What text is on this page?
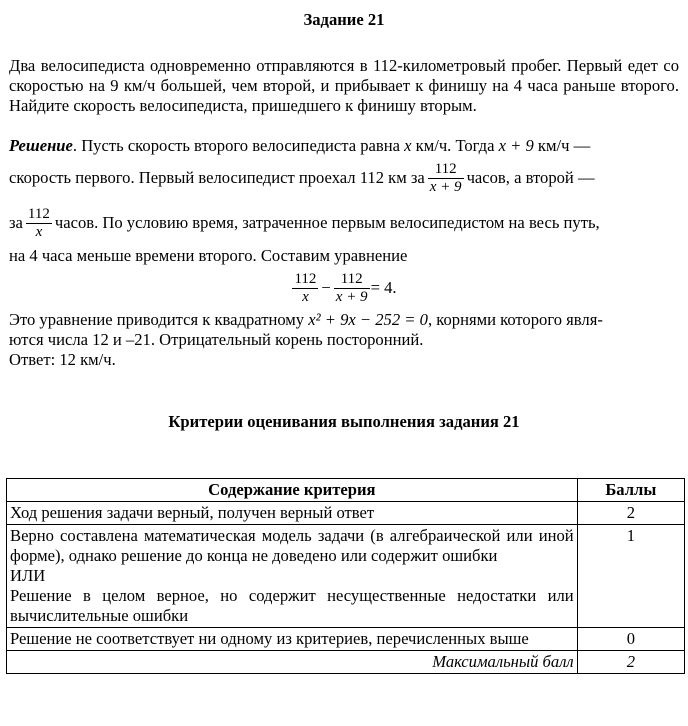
Задание 21
Два велосипедиста одновременно отправляются в 112-километровый пробег. Первый едет со скоростью на 9 км/ч большей, чем второй, и прибывает к финишу на 4 часа раньше второго. Найдите скорость велосипедиста, пришедшего к финишу вторым.
Решение. Пусть скорость второго велосипедиста равна x км/ч. Тогда x + 9 км/ч —
скорость первого. Первый велосипедист проехал 112 км за $\frac{112}{x + 9}$ часов, а второй —
за $\frac{112}{x}$ часов. По условию время, затраченное первым велосипедистом на весь путь,
на 4 часа меньше времени второго. Составим уравнение
$\frac{112}{x} - \frac{112}{x + 9} = 4$.
Это уравнение приводится к квадратному x² + 9x − 252 = 0, корнями которого явля-
ются числа 12 и –21. Отрицательный корень посторонний.
Ответ: 12 км/ч.
Критерии оценивания выполнения задания 21
Содержание критерия	Баллы
Ход решения задачи верный, получен верный ответ	2

Верно составлена математическая модель задачи (в алгебраической или иной форме), однако решение до конца не доведено или содержит ошибки
ИЛИ
Решение в целом верное, но содержит несущественные недостатки или вычислительные ошибки	1
Решение не соответствует ни одному из критериев, перечисленных выше	0
Максимальный балл	2
